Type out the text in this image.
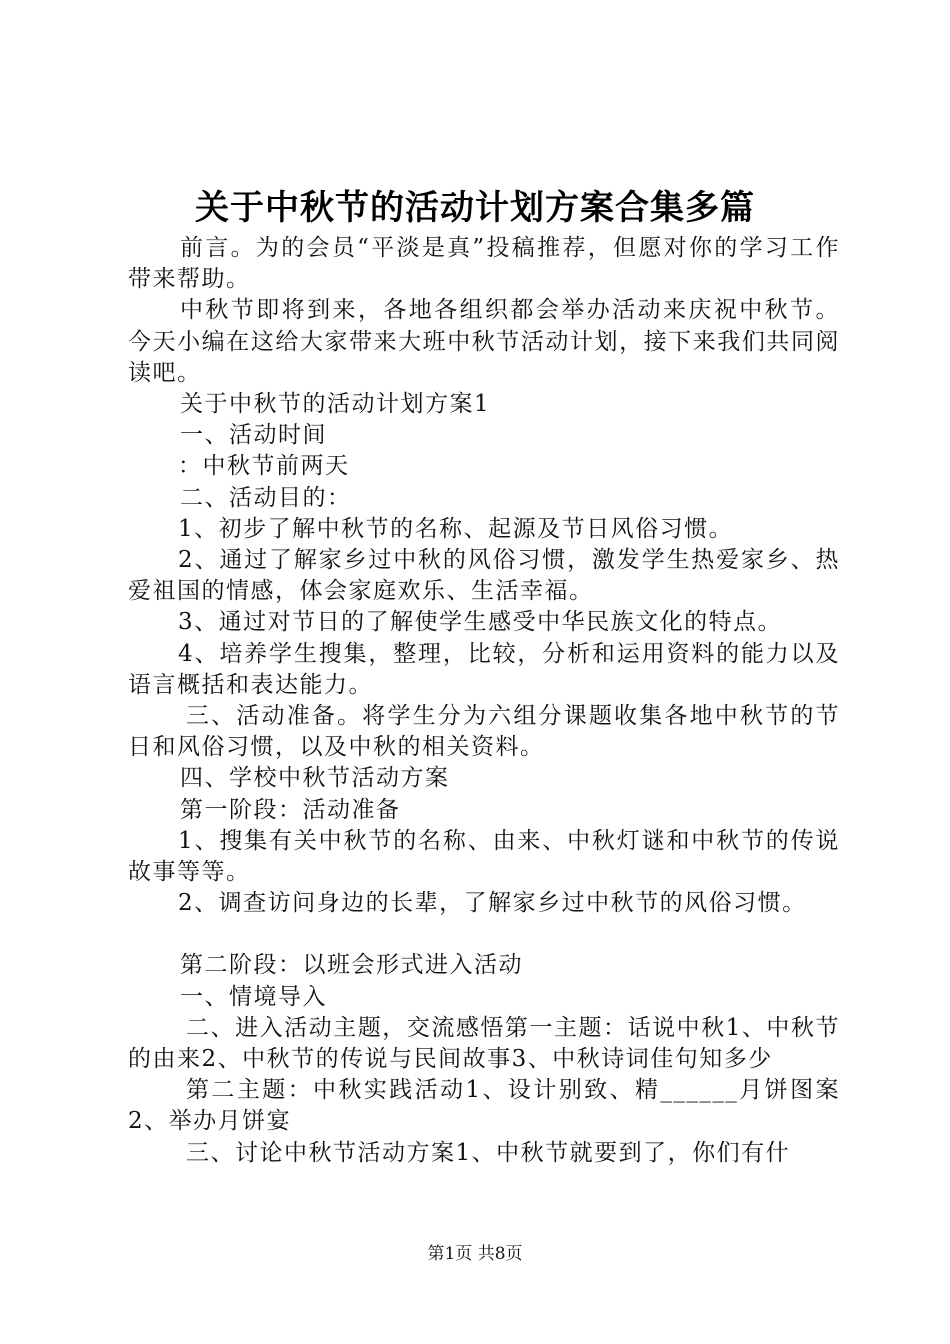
关于中秋节的活动计划方案合集多篇

前言。为的会员“平淡是真”投稿推荐，但愿对你的学习工作带来帮助。

中秋节即将到来，各地各组织都会举办活动来庆祝中秋节。今天小编在这给大家带来大班中秋节活动计划，接下来我们共同阅读吧。

关于中秋节的活动计划方案1

一、活动时间

：中秋节前两天

二、活动目的：

1、初步了解中秋节的名称、起源及节日风俗习惯。

2、通过了解家乡过中秋的风俗习惯，激发学生热爱家乡、热爱祖国的情感，体会家庭欢乐、生活幸福。

3、通过对节日的了解使学生感受中华民族文化的特点。

4、培养学生搜集，整理，比较，分析和运用资料的能力以及语言概括和表达能力。

三、活动准备。将学生分为六组分课题收集各地中秋节的节日和风俗习惯，以及中秋的相关资料。

四、学校中秋节活动方案

第一阶段：活动准备

1、搜集有关中秋节的名称、由来、中秋灯谜和中秋节的传说故事等等。

2、调查访问身边的长辈，了解家乡过中秋节的风俗习惯。

第二阶段：以班会形式进入活动

一、情境导入

二、进入活动主题，交流感悟第一主题：话说中秋1、中秋节的由来2、中秋节的传说与民间故事3、中秋诗词佳句知多少

第二主题：中秋实践活动1、设计别致、精______月饼图案2、举办月饼宴

三、讨论中秋节活动方案1、中秋节就要到了，你们有什

第1页 共8页
